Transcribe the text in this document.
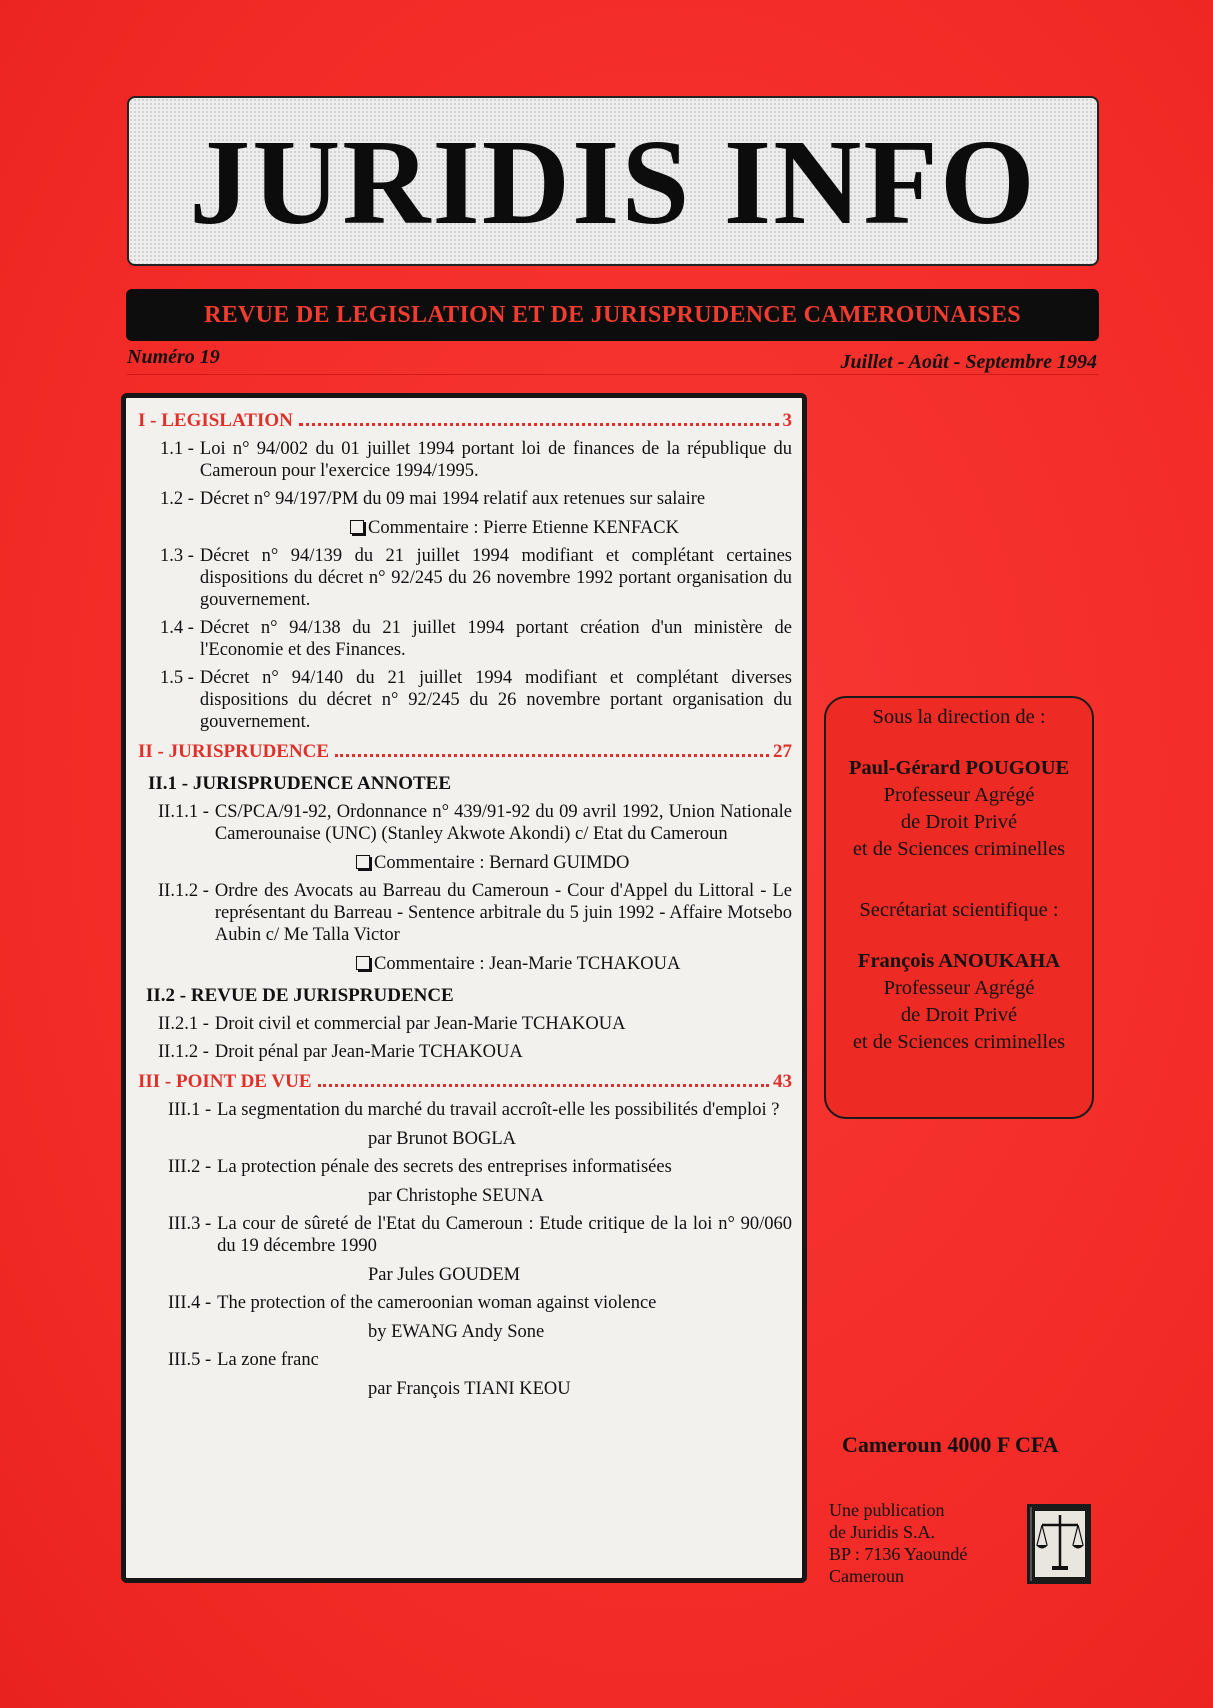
JURIDIS INFO
REVUE DE LEGISLATION ET DE JURISPRUDENCE CAMEROUNAISES
Numéro 19	Juillet - Août - Septembre 1994
I - LEGISLATION	3
1.1 - Loi n° 94/002 du 01 juillet 1994 portant loi de finances de la république du Cameroun pour l'exercice 1994/1995.
1.2 - Décret n° 94/197/PM du 09 mai 1994 relatif aux retenues sur salaire
Commentaire : Pierre Etienne KENFACK
1.3 - Décret n° 94/139 du 21 juillet 1994 modifiant et complétant certaines dispositions du décret n° 92/245 du 26 novembre 1992 portant organisation du gouvernement.
1.4 - Décret n° 94/138 du 21 juillet 1994 portant création d'un ministère de l'Economie et des Finances.
1.5 - Décret n° 94/140 du 21 juillet 1994 modifiant et complétant diverses dispositions du décret n° 92/245 du 26 novembre portant organisation du gouvernement.
II - JURISPRUDENCE	27
II.1 - JURISPRUDENCE ANNOTEE
II.1.1 - CS/PCA/91-92, Ordonnance n° 439/91-92 du 09 avril 1992, Union Nationale Camerounaise (UNC) (Stanley Akwote Akondi) c/ Etat du Cameroun
Commentaire : Bernard GUIMDO
II.1.2 - Ordre des Avocats au Barreau du Cameroun - Cour d'Appel du Littoral - Le représentant du Barreau - Sentence arbitrale du 5 juin 1992 - Affaire Motsebo Aubin c/ Me Talla Victor
Commentaire : Jean-Marie TCHAKOUA
II.2 - REVUE DE JURISPRUDENCE
II.2.1 - Droit civil et commercial par Jean-Marie TCHAKOUA
II.1.2 - Droit pénal par Jean-Marie TCHAKOUA
III - POINT DE VUE	43
III.1 - La segmentation du marché du travail accroît-elle les possibilités d'emploi ?
par Brunot BOGLA
III.2 - La protection pénale des secrets des entreprises informatisées
par Christophe SEUNA
III.3 - La cour de sûreté de l'Etat du Cameroun : Etude critique de la loi n° 90/060 du 19 décembre 1990
Par Jules GOUDEM
III.4 - The protection of the cameroonian woman against violence
by EWANG Andy Sone
III.5 - La zone franc
par François TIANI KEOU
Sous la direction de :
Paul-Gérard POUGOUE
Professeur Agrégé
de Droit Privé
et de Sciences criminelles
Secrétariat scientifique :
François ANOUKAHA
Professeur Agrégé
de Droit Privé
et de Sciences criminelles
Cameroun 4000 F CFA
Une publication
de Juridis S.A.
BP : 7136 Yaoundé
Cameroun
